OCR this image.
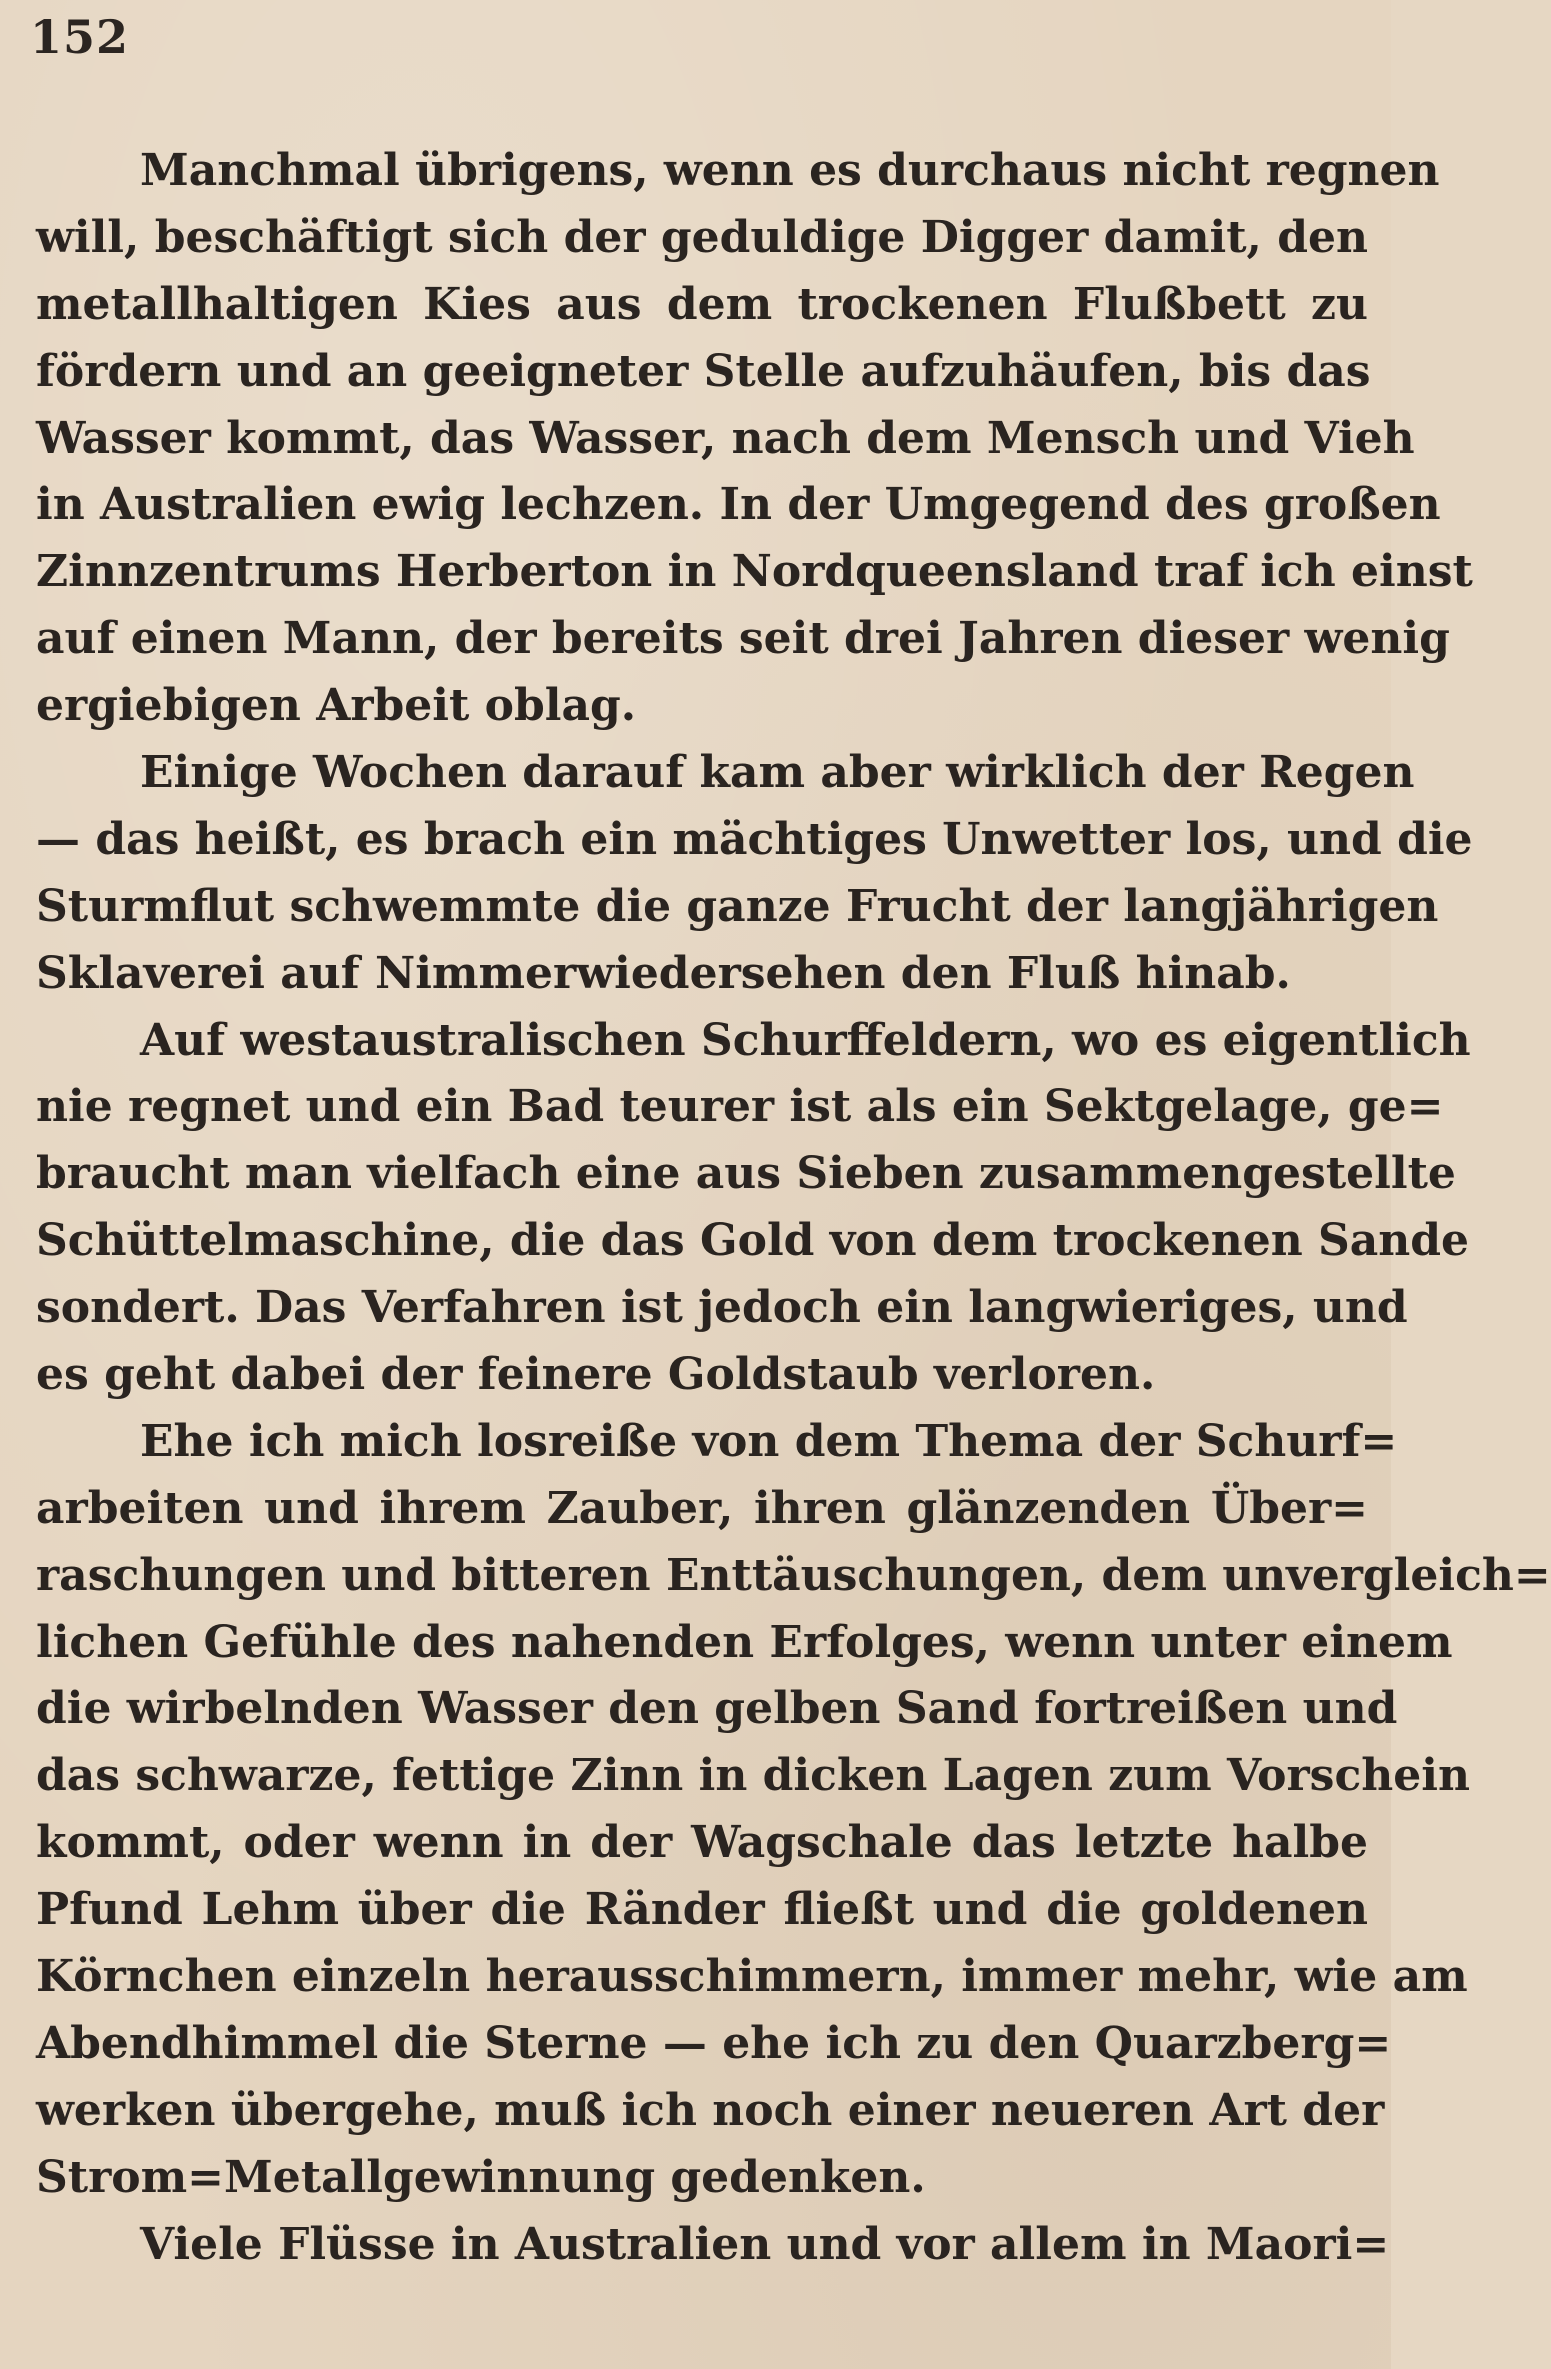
152
Manchmal übrigens, wenn es durchaus nicht regnen
will, beschäftigt sich der geduldige Digger damit, den
metallhaltigen Kies aus dem trockenen Flußbett zu
fördern und an geeigneter Stelle aufzuhäufen, bis das
Wasser kommt, das Wasser, nach dem Mensch und Vieh
in Australien ewig lechzen. In der Umgegend des großen
Zinnzentrums Herberton in Nordqueensland traf ich einst
auf einen Mann, der bereits seit drei Jahren dieser wenig
ergiebigen Arbeit oblag.
Einige Wochen darauf kam aber wirklich der Regen
— das heißt, es brach ein mächtiges Unwetter los, und die
Sturmflut schwemmte die ganze Frucht der langjährigen
Sklaverei auf Nimmerwiedersehen den Fluß hinab.
Auf westaustralischen Schurffeldern, wo es eigentlich
nie regnet und ein Bad teurer ist als ein Sektgelage, ge=
braucht man vielfach eine aus Sieben zusammengestellte
Schüttelmaschine, die das Gold von dem trockenen Sande
sondert. Das Verfahren ist jedoch ein langwieriges, und
es geht dabei der feinere Goldstaub verloren.
Ehe ich mich losreiße von dem Thema der Schurf=
arbeiten und ihrem Zauber, ihren glänzenden Über=
raschungen und bitteren Enttäuschungen, dem unvergleich=
lichen Gefühle des nahenden Erfolges, wenn unter einem
die wirbelnden Wasser den gelben Sand fortreißen und
das schwarze, fettige Zinn in dicken Lagen zum Vorschein
kommt, oder wenn in der Wagschale das letzte halbe
Pfund Lehm über die Ränder fließt und die goldenen
Körnchen einzeln herausschimmern, immer mehr, wie am
Abendhimmel die Sterne — ehe ich zu den Quarzberg=
werken übergehe, muß ich noch einer neueren Art der
Strom=Metallgewinnung gedenken.
Viele Flüsse in Australien und vor allem in Maori=
